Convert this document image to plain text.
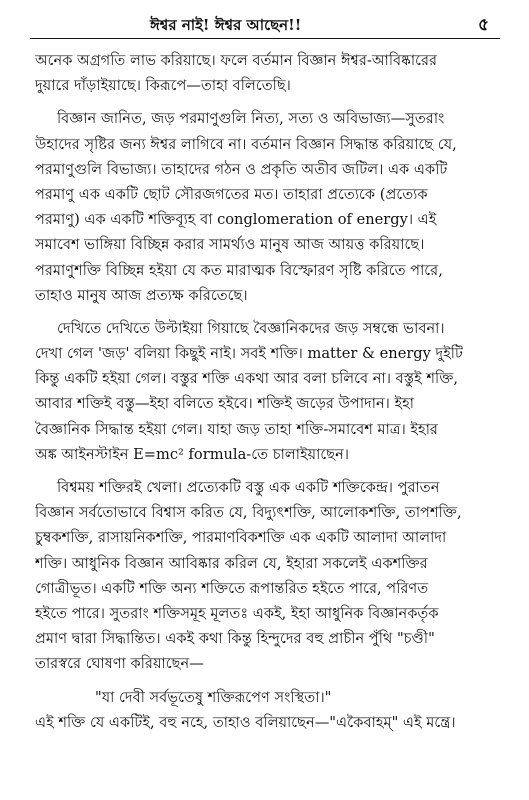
ঈশ্বর নাই! ঈশ্বর আছেন!!	৫
অনেক অগ্রগতি লাভ করিয়াছে। ফলে বর্তমান বিজ্ঞান ঈশ্বর-আবিষ্কারের
দুয়ারে দাঁড়াইয়াছে। কিরূপে—তাহা বলিতেছি।
বিজ্ঞান জানিত, জড় পরমাণুগুলি নিত্য, সত্য ও অবিভাজ্য—সুতরাং
উহাদের সৃষ্টির জন্য ঈশ্বর লাগিবে না। বর্তমান বিজ্ঞান সিদ্ধান্ত করিয়াছে যে,
পরমাণুগুলি বিভাজ্য। তাহাদের গঠন ও প্রকৃতি অতীব জটিল। এক একটি
পরমাণু এক একটি ছোট সৌরজগতের মত। তাহারা প্রত্যেকে (প্রত্যেক
পরমাণু) এক একটি শক্তিব্যূহ বা conglomeration of energy। এই
সমাবেশ ভাঙ্গিয়া বিচ্ছিন্ন করার সামর্থ্যও মানুষ আজ আয়ত্ত করিয়াছে।
পরমাণুশক্তি বিচ্ছিন্ন হইয়া যে কত মারাত্মক বিস্ফোরণ সৃষ্টি করিতে পারে,
তাহাও মানুষ আজ প্রত্যক্ষ করিতেছে।
দেখিতে দেখিতে উল্টাইয়া গিয়াছে বৈজ্ঞানিকদের জড় সম্বন্ধে ভাবনা।
দেখা গেল 'জড়' বলিয়া কিছুই নাই। সবই শক্তি। matter & energy দুইটি
কিন্তু একটি হইয়া গেল। বস্তুর শক্তি একথা আর বলা চলিবে না। বস্তুই শক্তি,
আবার শক্তিই বস্তু—ইহা বলিতে হইবে। শক্তিই জড়ের উপাদান। ইহা
বৈজ্ঞানিক সিদ্ধান্ত হইয়া গেল। যাহা জড় তাহা শক্তি-সমাবেশ মাত্র। ইহার
অঙ্ক আইনস্টাইন E=mc² formula-তে চালাইয়াছেন।
বিশ্বময় শক্তিরই খেলা। প্রত্যেকটি বস্তু এক একটি শক্তিকেন্দ্র। পুরাতন
বিজ্ঞান সর্বতোভাবে বিশ্বাস করিত যে, বিদ্যুৎশক্তি, আলোকশক্তি, তাপশক্তি,
চুম্বকশক্তি, রাসায়নিকশক্তি, পারমাণবিকশক্তি এক একটি আলাদা আলাদা
শক্তি। আধুনিক বিজ্ঞান আবিষ্কার করিল যে, ইহারা সকলেই একশক্তির
গোত্রীভূত। একটি শক্তি অন্য শক্তিতে রূপান্তরিত হইতে পারে, পরিণত
হইতে পারে। সুতরাং শক্তিসমূহ মূলতঃ একই, ইহা আধুনিক বিজ্ঞানকর্তৃক
প্রমাণ দ্বারা সিদ্ধান্তিত। একই কথা কিন্তু হিন্দুদের বহু প্রাচীন পুঁথি "চণ্ডী"
তারস্বরে ঘোষণা করিয়াছেন—
"যা দেবী সর্বভূতেষু শক্তিরূপেণ সংস্থিতা।"
এই শক্তি যে একটিই, বহু নহে, তাহাও বলিয়াছেন—"একৈবাহম্" এই মন্ত্রে।
